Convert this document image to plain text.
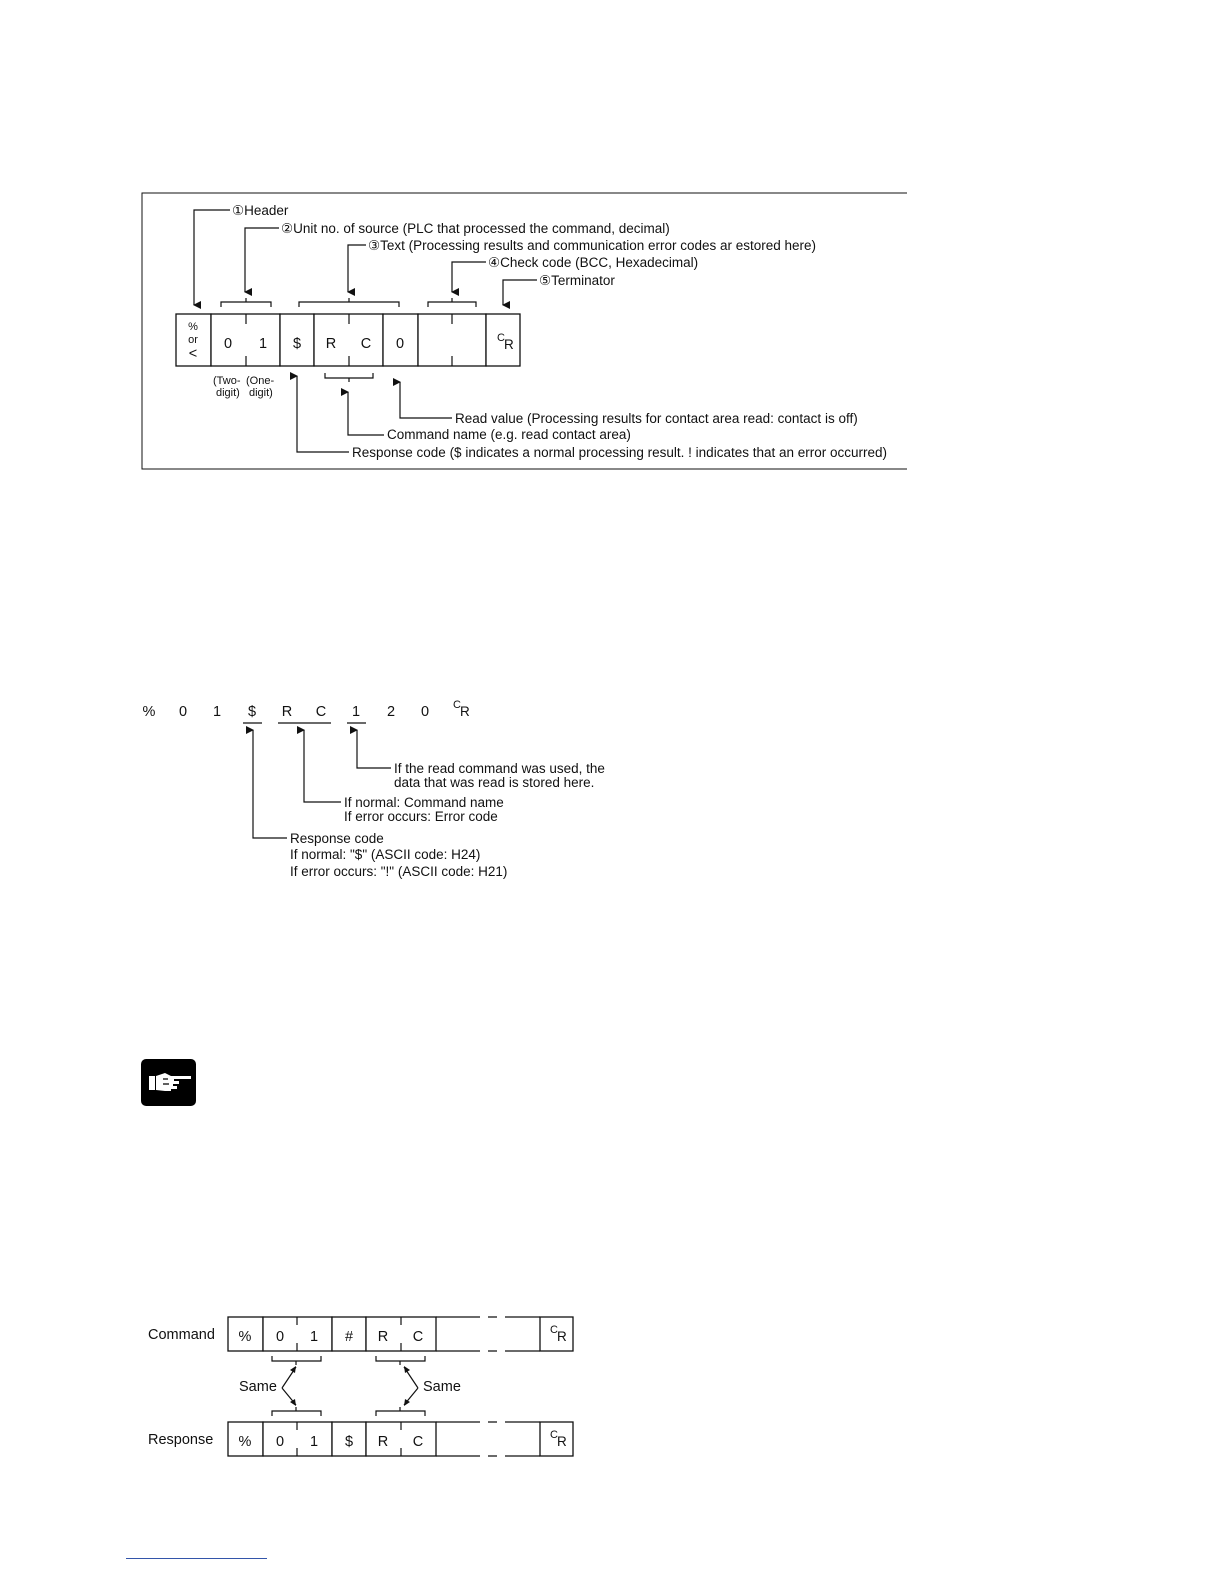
①Header
②Unit no. of source (PLC that processed the command, decimal)
③Text (Processing results and communication error codes ar estored here)
④Check code (BCC, Hexadecimal)
⑤Terminator
%
or
<
0 1 $ R C 0	C R
(Two-
digit)
(One-
digit)
Read value (Processing results for contact area read: contact is off)
Command name (e.g. read contact area)
Response code ($ indicates a normal processing result. ! indicates that an error occurred)
% 0 1 $ R C 1 2 0 C R
If the read command was used, the
data that was read is stored here.
If normal: Command name
If error occurs: Error code
Response code
If normal: "$" (ASCII code: H24)
If error occurs: "!" (ASCII code: H21)
Command
Response
% 0 1 # R C	C R
% 0 1 $ R C	C R
Same	Same
